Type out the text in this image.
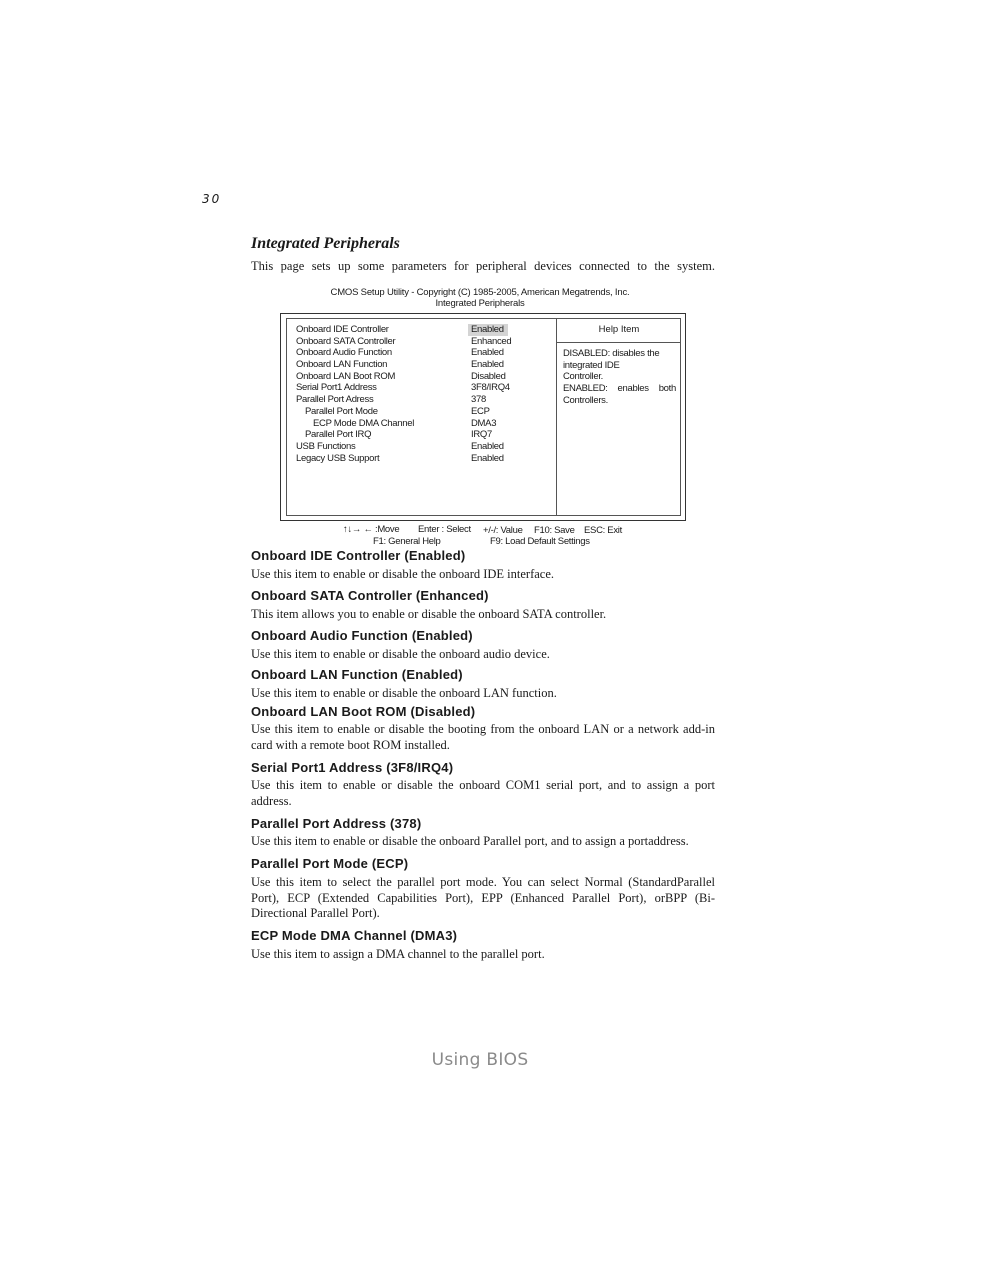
30
Integrated Peripherals
This page sets up some parameters for peripheral devices connected to the system.
CMOS Setup Utility - Copyright (C) 1985-2005, American Megatrends, Inc.
Integrated Peripherals
Onboard IDE Controller	Enabled
Onboard SATA Controller	Enhanced
Onboard Audio Function	Enabled
Onboard LAN Function	Enabled
Onboard LAN Boot ROM	Disabled
Serial Port1 Address	3F8/IRQ4
Parallel Port Adress	378
Parallel Port Mode	ECP
ECP Mode DMA Channel	DMA3
Parallel Port IRQ	IRQ7
USB Functions	Enabled
Legacy USB Support	Enabled
Help Item
DISABLED: disables the
integrated IDE
Controller.
ENABLED: enables both
Controllers.
↑↓→ ← :Move Enter : Select +/-/: Value F10: Save ESC: Exit
F1: General Help	F9: Load Default Settings
Onboard IDE Controller (Enabled)
Use this item to enable or disable the onboard IDE interface.
Onboard SATA Controller (Enhanced)
This item allows you to enable or disable the onboard SATA controller.
Onboard Audio Function (Enabled)
Use this item to enable or disable the onboard audio device.
Onboard LAN Function (Enabled)
Use this item to enable or disable the onboard LAN function.
Onboard LAN Boot ROM (Disabled)
Use this item to enable or disable the booting from the onboard LAN or a network add-in card with a remote boot ROM installed.
Serial Port1 Address (3F8/IRQ4)
Use this item to enable or disable the onboard COM1 serial port, and to assign a port address.
Parallel Port Address (378)
Use this item to enable or disable the onboard Parallel port, and to assign a portaddress.
Parallel Port Mode (ECP)
Use this item to select the parallel port mode. You can select Normal (StandardParallel Port), ECP (Extended Capabilities Port), EPP (Enhanced Parallel Port), orBPP (Bi-Directional Parallel Port).
ECP Mode DMA Channel (DMA3)
Use this item to assign a DMA channel to the parallel port.
Using BIOS
